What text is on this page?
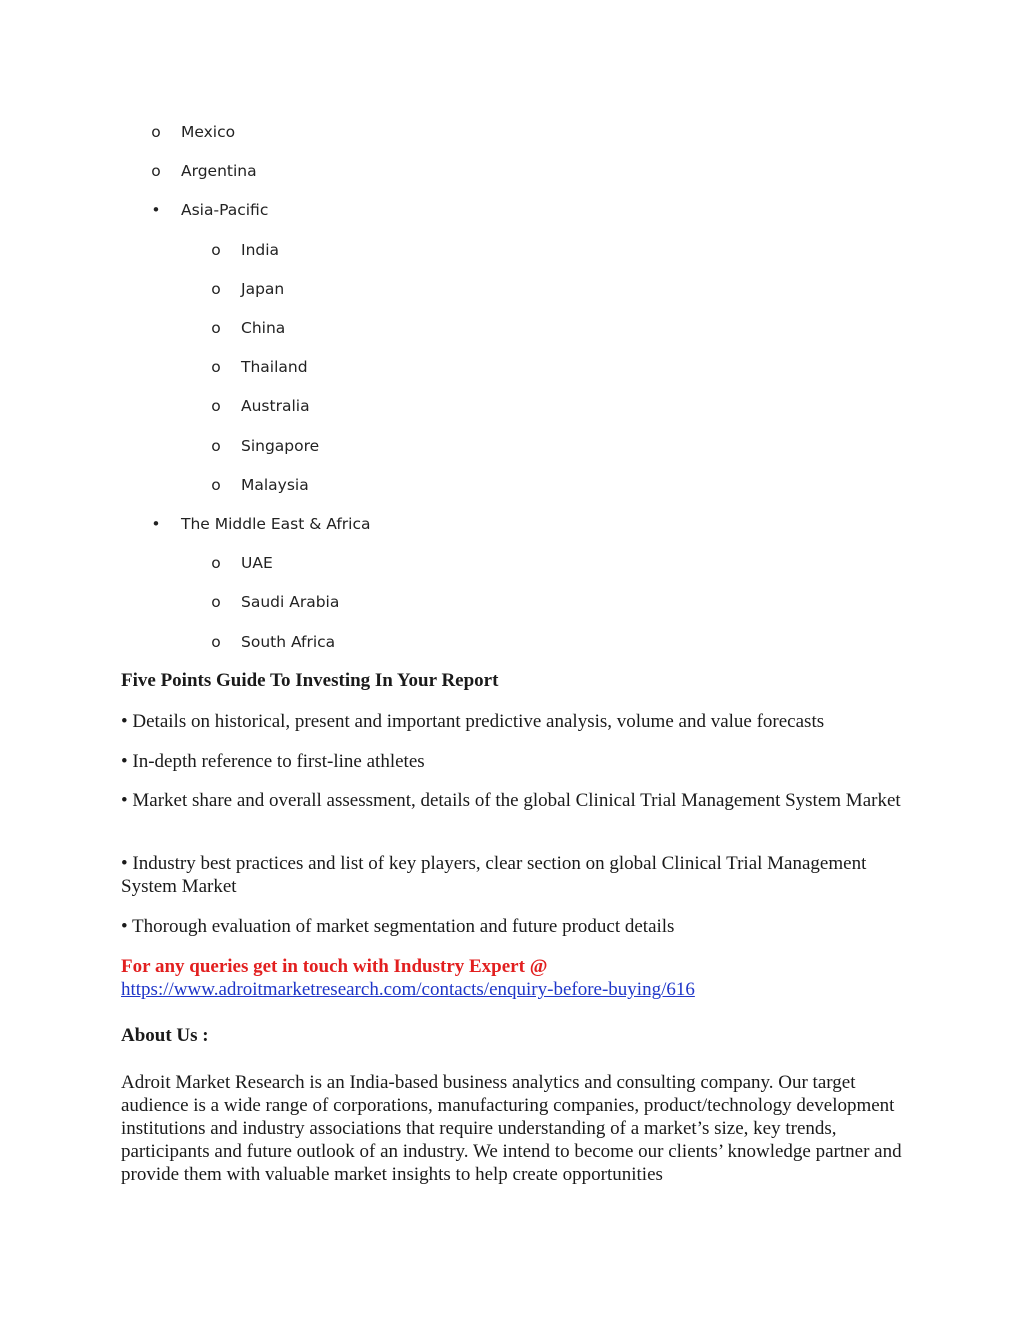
o Mexico
o Argentina
• Asia-Pacific
o India
o Japan
o China
o Thailand
o Australia
o Singapore
o Malaysia
• The Middle East & Africa
o UAE
o Saudi Arabia
o South Africa
Five Points Guide To Investing In Your Report
• Details on historical, present and important predictive analysis, volume and value forecasts
• In-depth reference to first-line athletes
• Market share and overall assessment, details of the global Clinical Trial Management System Market
• Industry best practices and list of key players, clear section on global Clinical Trial Management System Market
• Thorough evaluation of market segmentation and future product details
For any queries get in touch with Industry Expert @
https://www.adroitmarketresearch.com/contacts/enquiry-before-buying/616
About Us :
Adroit Market Research is an India-based business analytics and consulting company. Our target audience is a wide range of corporations, manufacturing companies, product/technology development institutions and industry associations that require understanding of a market’s size, key trends, participants and future outlook of an industry. We intend to become our clients’ knowledge partner and provide them with valuable market insights to help create opportunities
